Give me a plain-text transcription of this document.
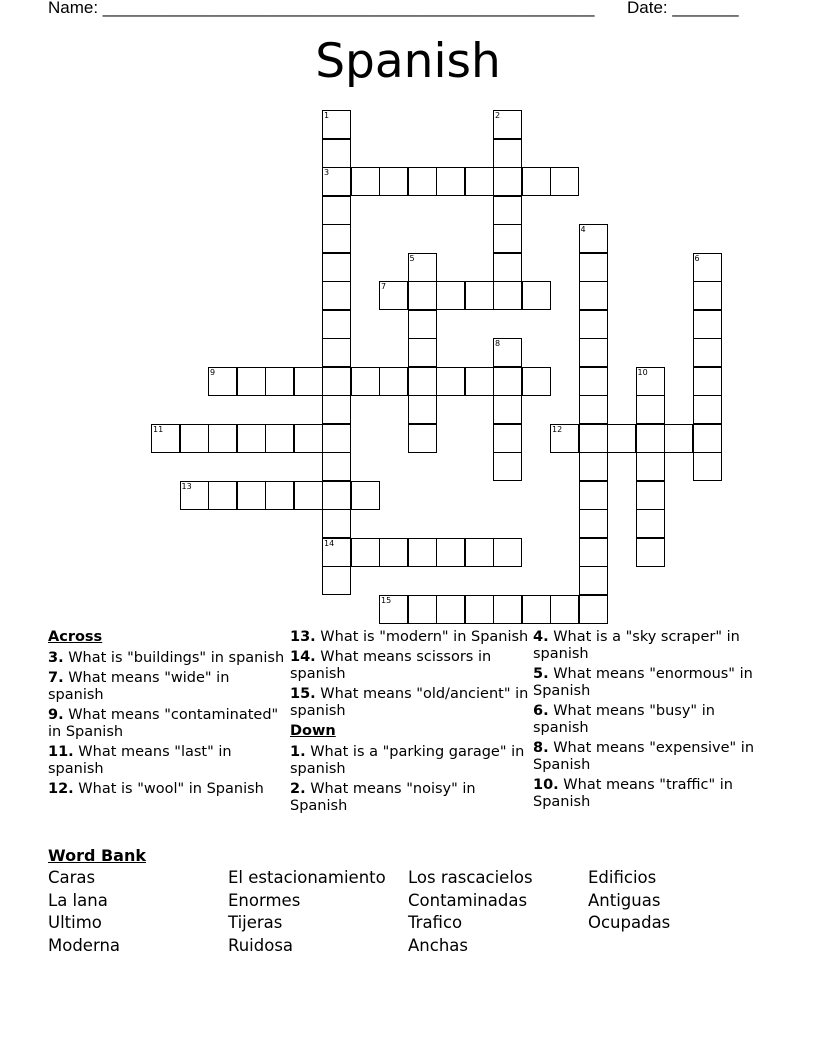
Name: ____________________________________________________ Date: _______
Spanish
1
3
14
2
4
5	6
7
8
9	10
11	12
13
15
Across
3. What is "buildings" in spanish
7. What means "wide" in spanish
9. What means "contaminated" in Spanish
11. What means "last" in spanish
12. What is "wool" in Spanish
13. What is "modern" in Spanish
14. What means scissors in spanish
15. What means "old/ancient" in spanish
Down
1. What is a "parking garage" in spanish
2. What means "noisy" in Spanish
4. What is a "sky scraper" in spanish
5. What means "enormous" in Spanish
6. What means "busy" in spanish
8. What means "expensive" in Spanish
10. What means "traffic" in Spanish
Word Bank
Caras
La lana
Ultimo
Moderna
El estacionamiento
Enormes
Tijeras
Ruidosa
Los rascacielos
Contaminadas
Trafico
Anchas
Edificios
Antiguas
Ocupadas
